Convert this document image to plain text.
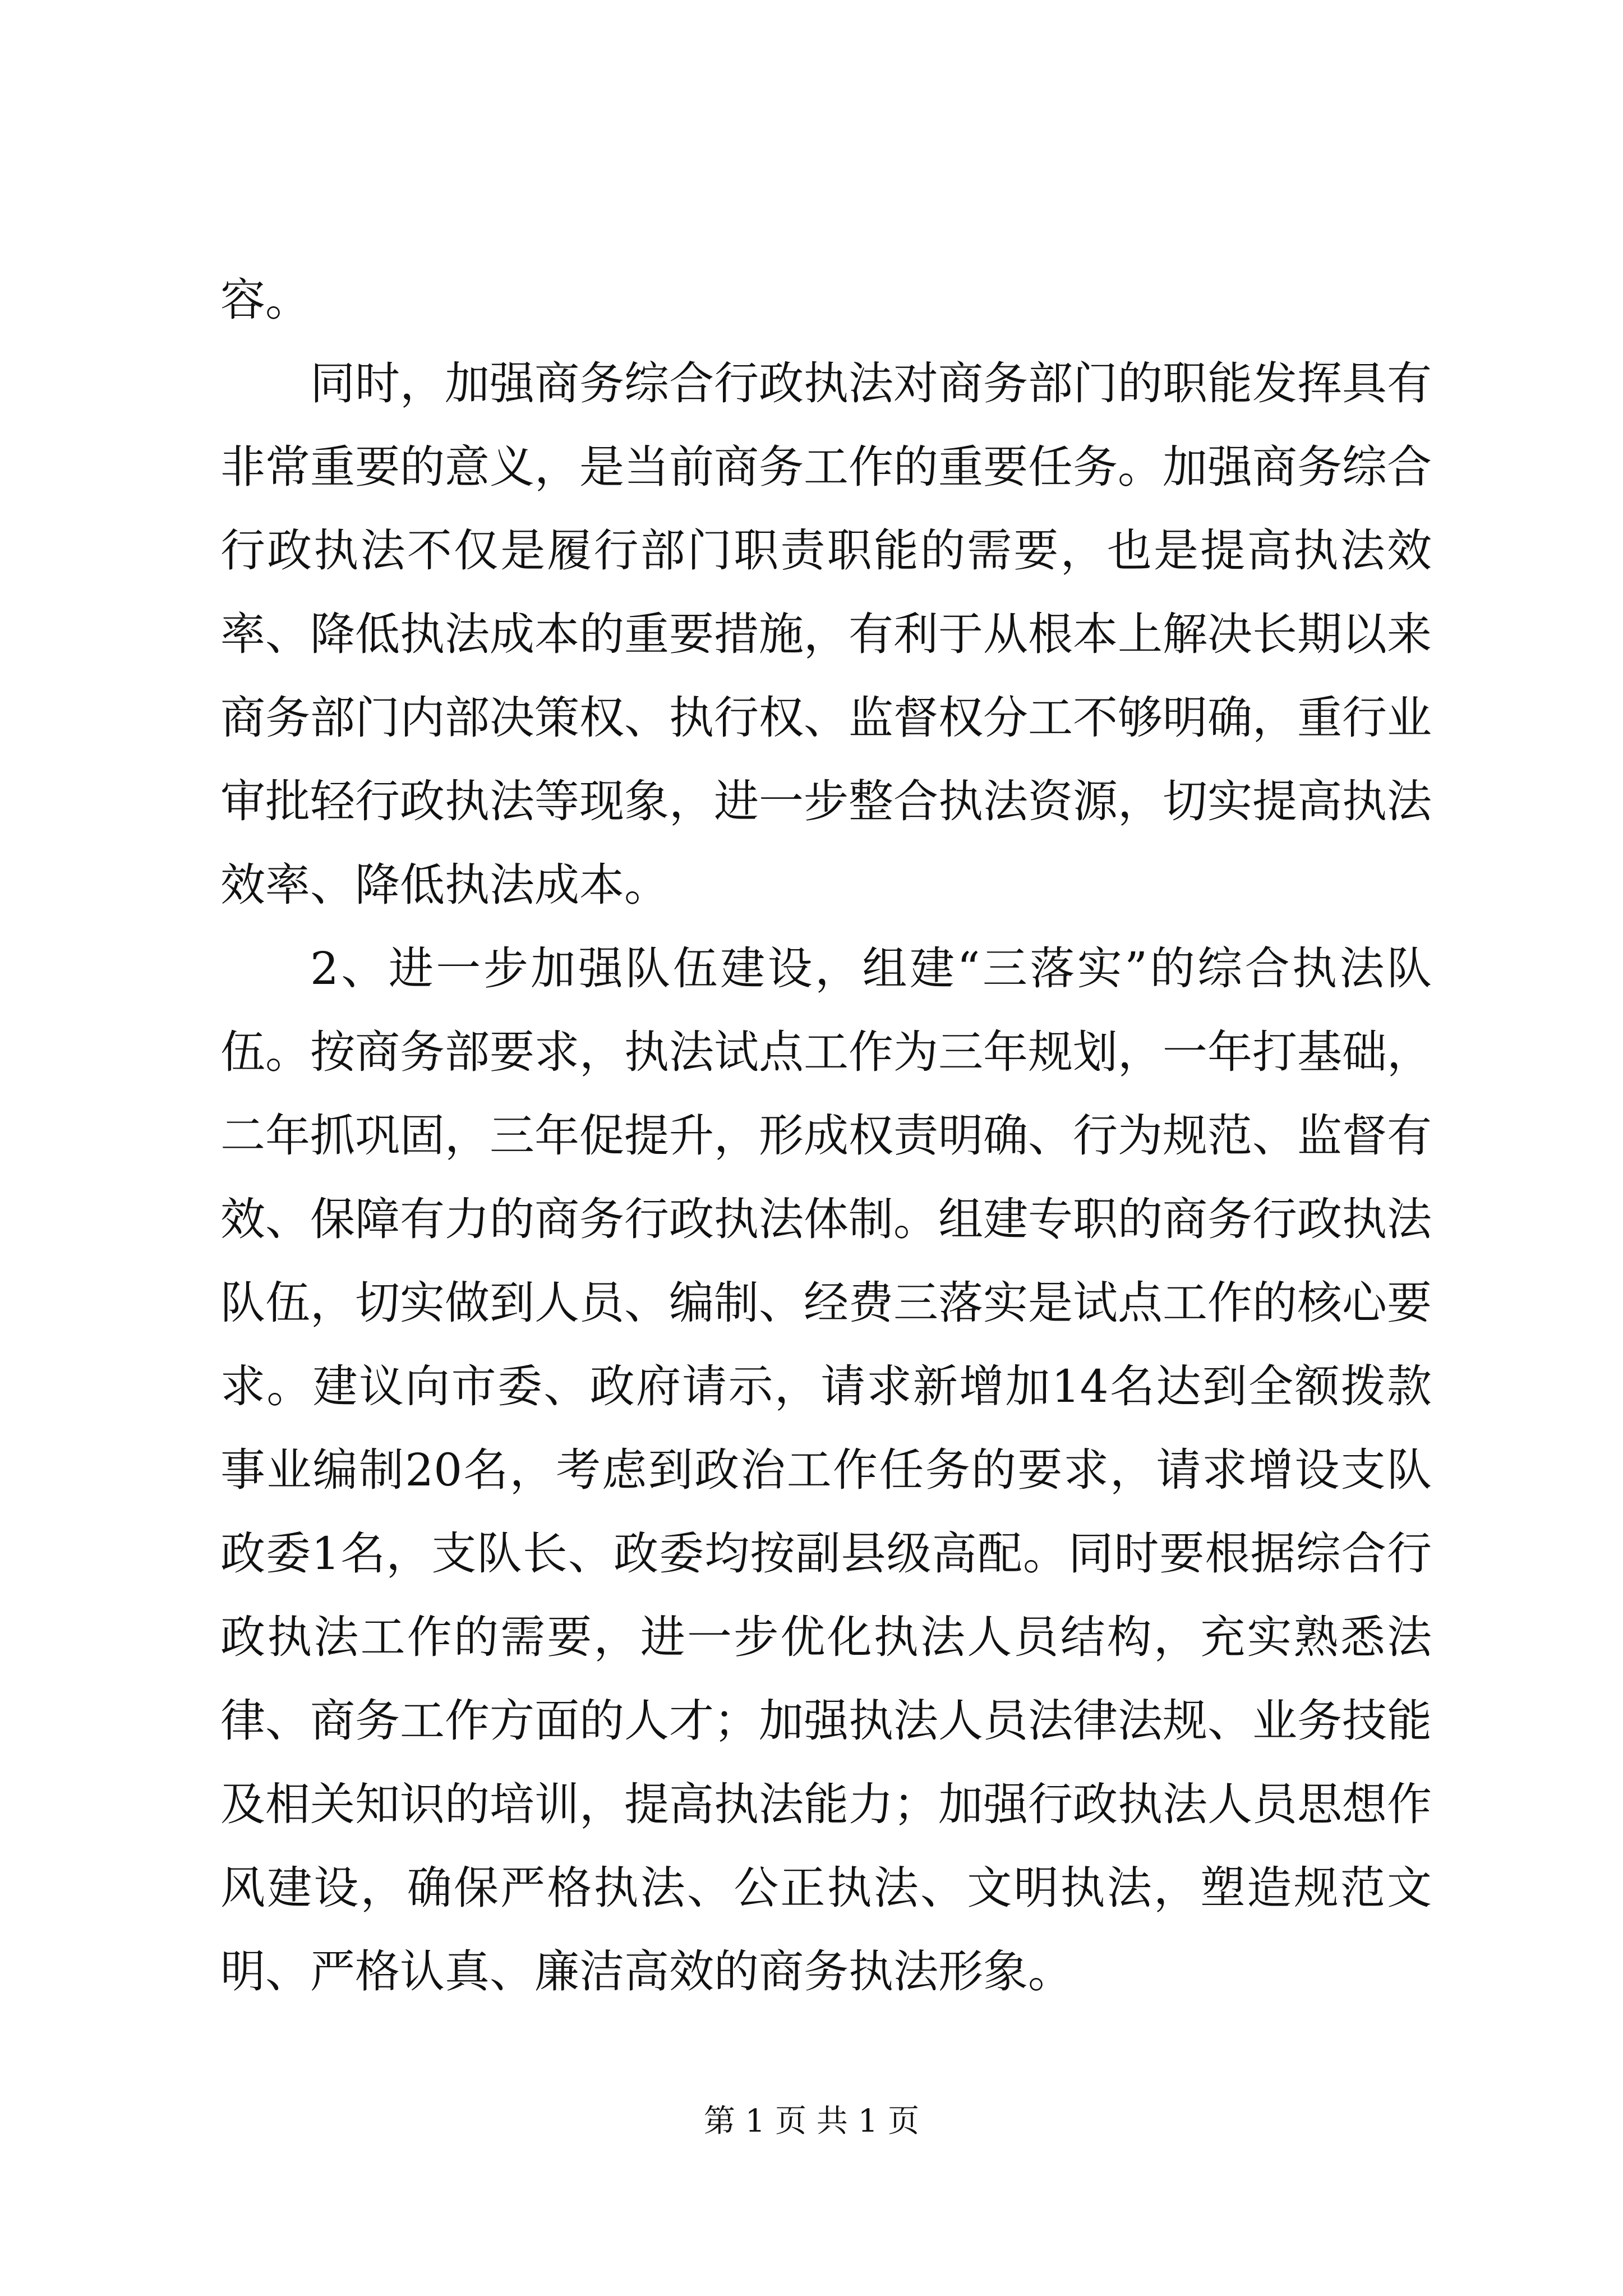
容。

同时，加强商务综合行政执法对商务部门的职能发挥具有非常重要的意义，是当前商务工作的重要任务。加强商务综合行政执法不仅是履行部门职责职能的需要，也是提高执法效率、降低执法成本的重要措施，有利于从根本上解决长期以来商务部门内部决策权、执行权、监督权分工不够明确，重行业审批轻行政执法等现象，进一步整合执法资源，切实提高执法效率、降低执法成本。

2、进一步加强队伍建设，组建“三落实”的综合执法队伍。按商务部要求，执法试点工作为三年规划，一年打基础，二年抓巩固，三年促提升，形成权责明确、行为规范、监督有效、保障有力的商务行政执法体制。组建专职的商务行政执法队伍，切实做到人员、编制、经费三落实是试点工作的核心要求。建议向市委、政府请示，请求新增加14名达到全额拨款事业编制20名，考虑到政治工作任务的要求，请求增设支队政委1名，支队长、政委均按副县级高配。同时要根据综合行政执法工作的需要，进一步优化执法人员结构，充实熟悉法律、商务工作方面的人才；加强执法人员法律法规、业务技能及相关知识的培训，提高执法能力；加强行政执法人员思想作风建设，确保严格执法、公正执法、文明执法，塑造规范文明、严格认真、廉洁高效的商务执法形象。

第 1 页 共 1 页
